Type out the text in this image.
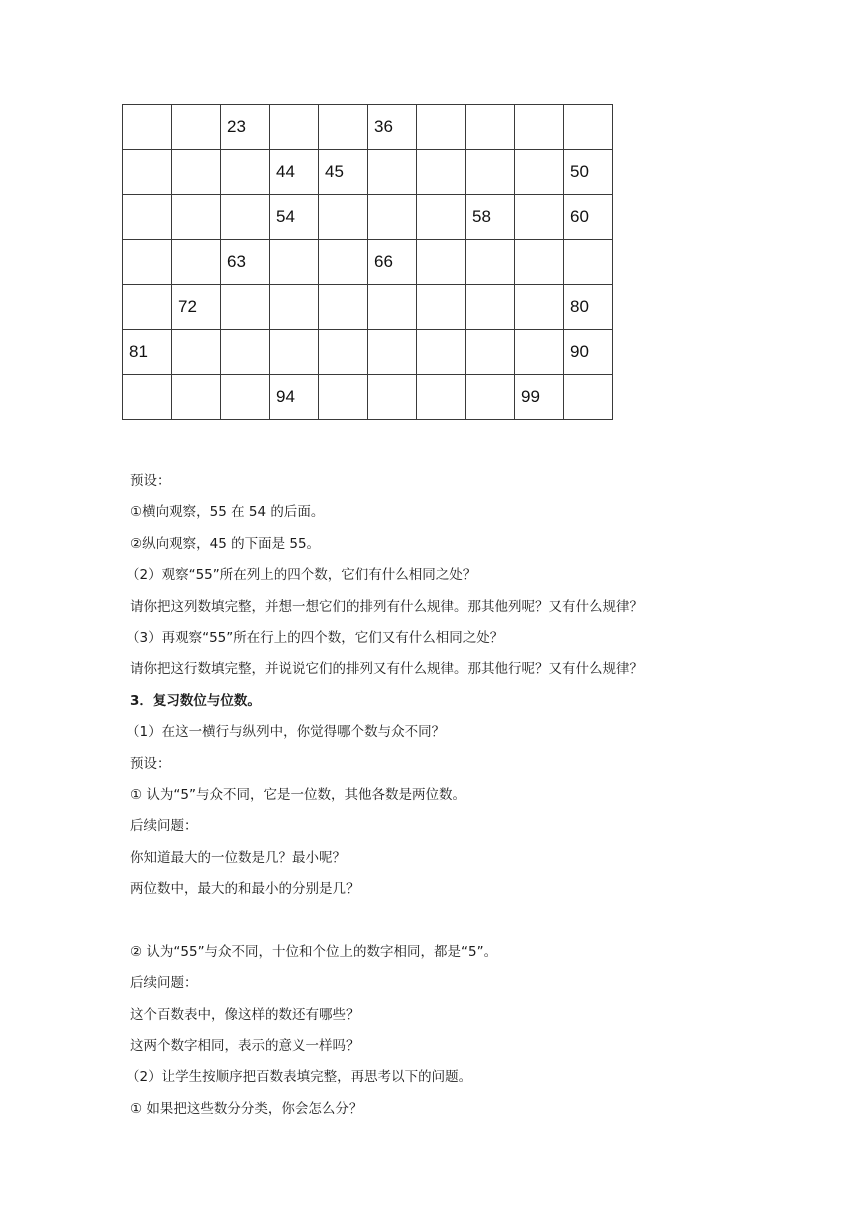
		23			36				
			44	45					50
			54				58		60
		63			66				
	72								80
81									90
			94					99	
预设：
①横向观察，55 在 54 的后面。
②纵向观察，45 的下面是 55。
（2）观察“55”所在列上的四个数，它们有什么相同之处？
请你把这列数填完整，并想一想它们的排列有什么规律。那其他列呢？又有什么规律？
（3）再观察“55”所在行上的四个数，它们又有什么相同之处？
请你把这行数填完整，并说说它们的排列又有什么规律。那其他行呢？又有什么规律？
3．复习数位与位数。
（1）在这一横行与纵列中，你觉得哪个数与众不同？
预设：
① 认为“5”与众不同，它是一位数，其他各数是两位数。
后续问题：
你知道最大的一位数是几？最小呢？
两位数中，最大的和最小的分别是几？
② 认为“55”与众不同，十位和个位上的数字相同，都是“5”。
后续问题：
这个百数表中，像这样的数还有哪些？
这两个数字相同，表示的意义一样吗？
（2）让学生按顺序把百数表填完整，再思考以下的问题。
① 如果把这些数分分类，你会怎么分？
